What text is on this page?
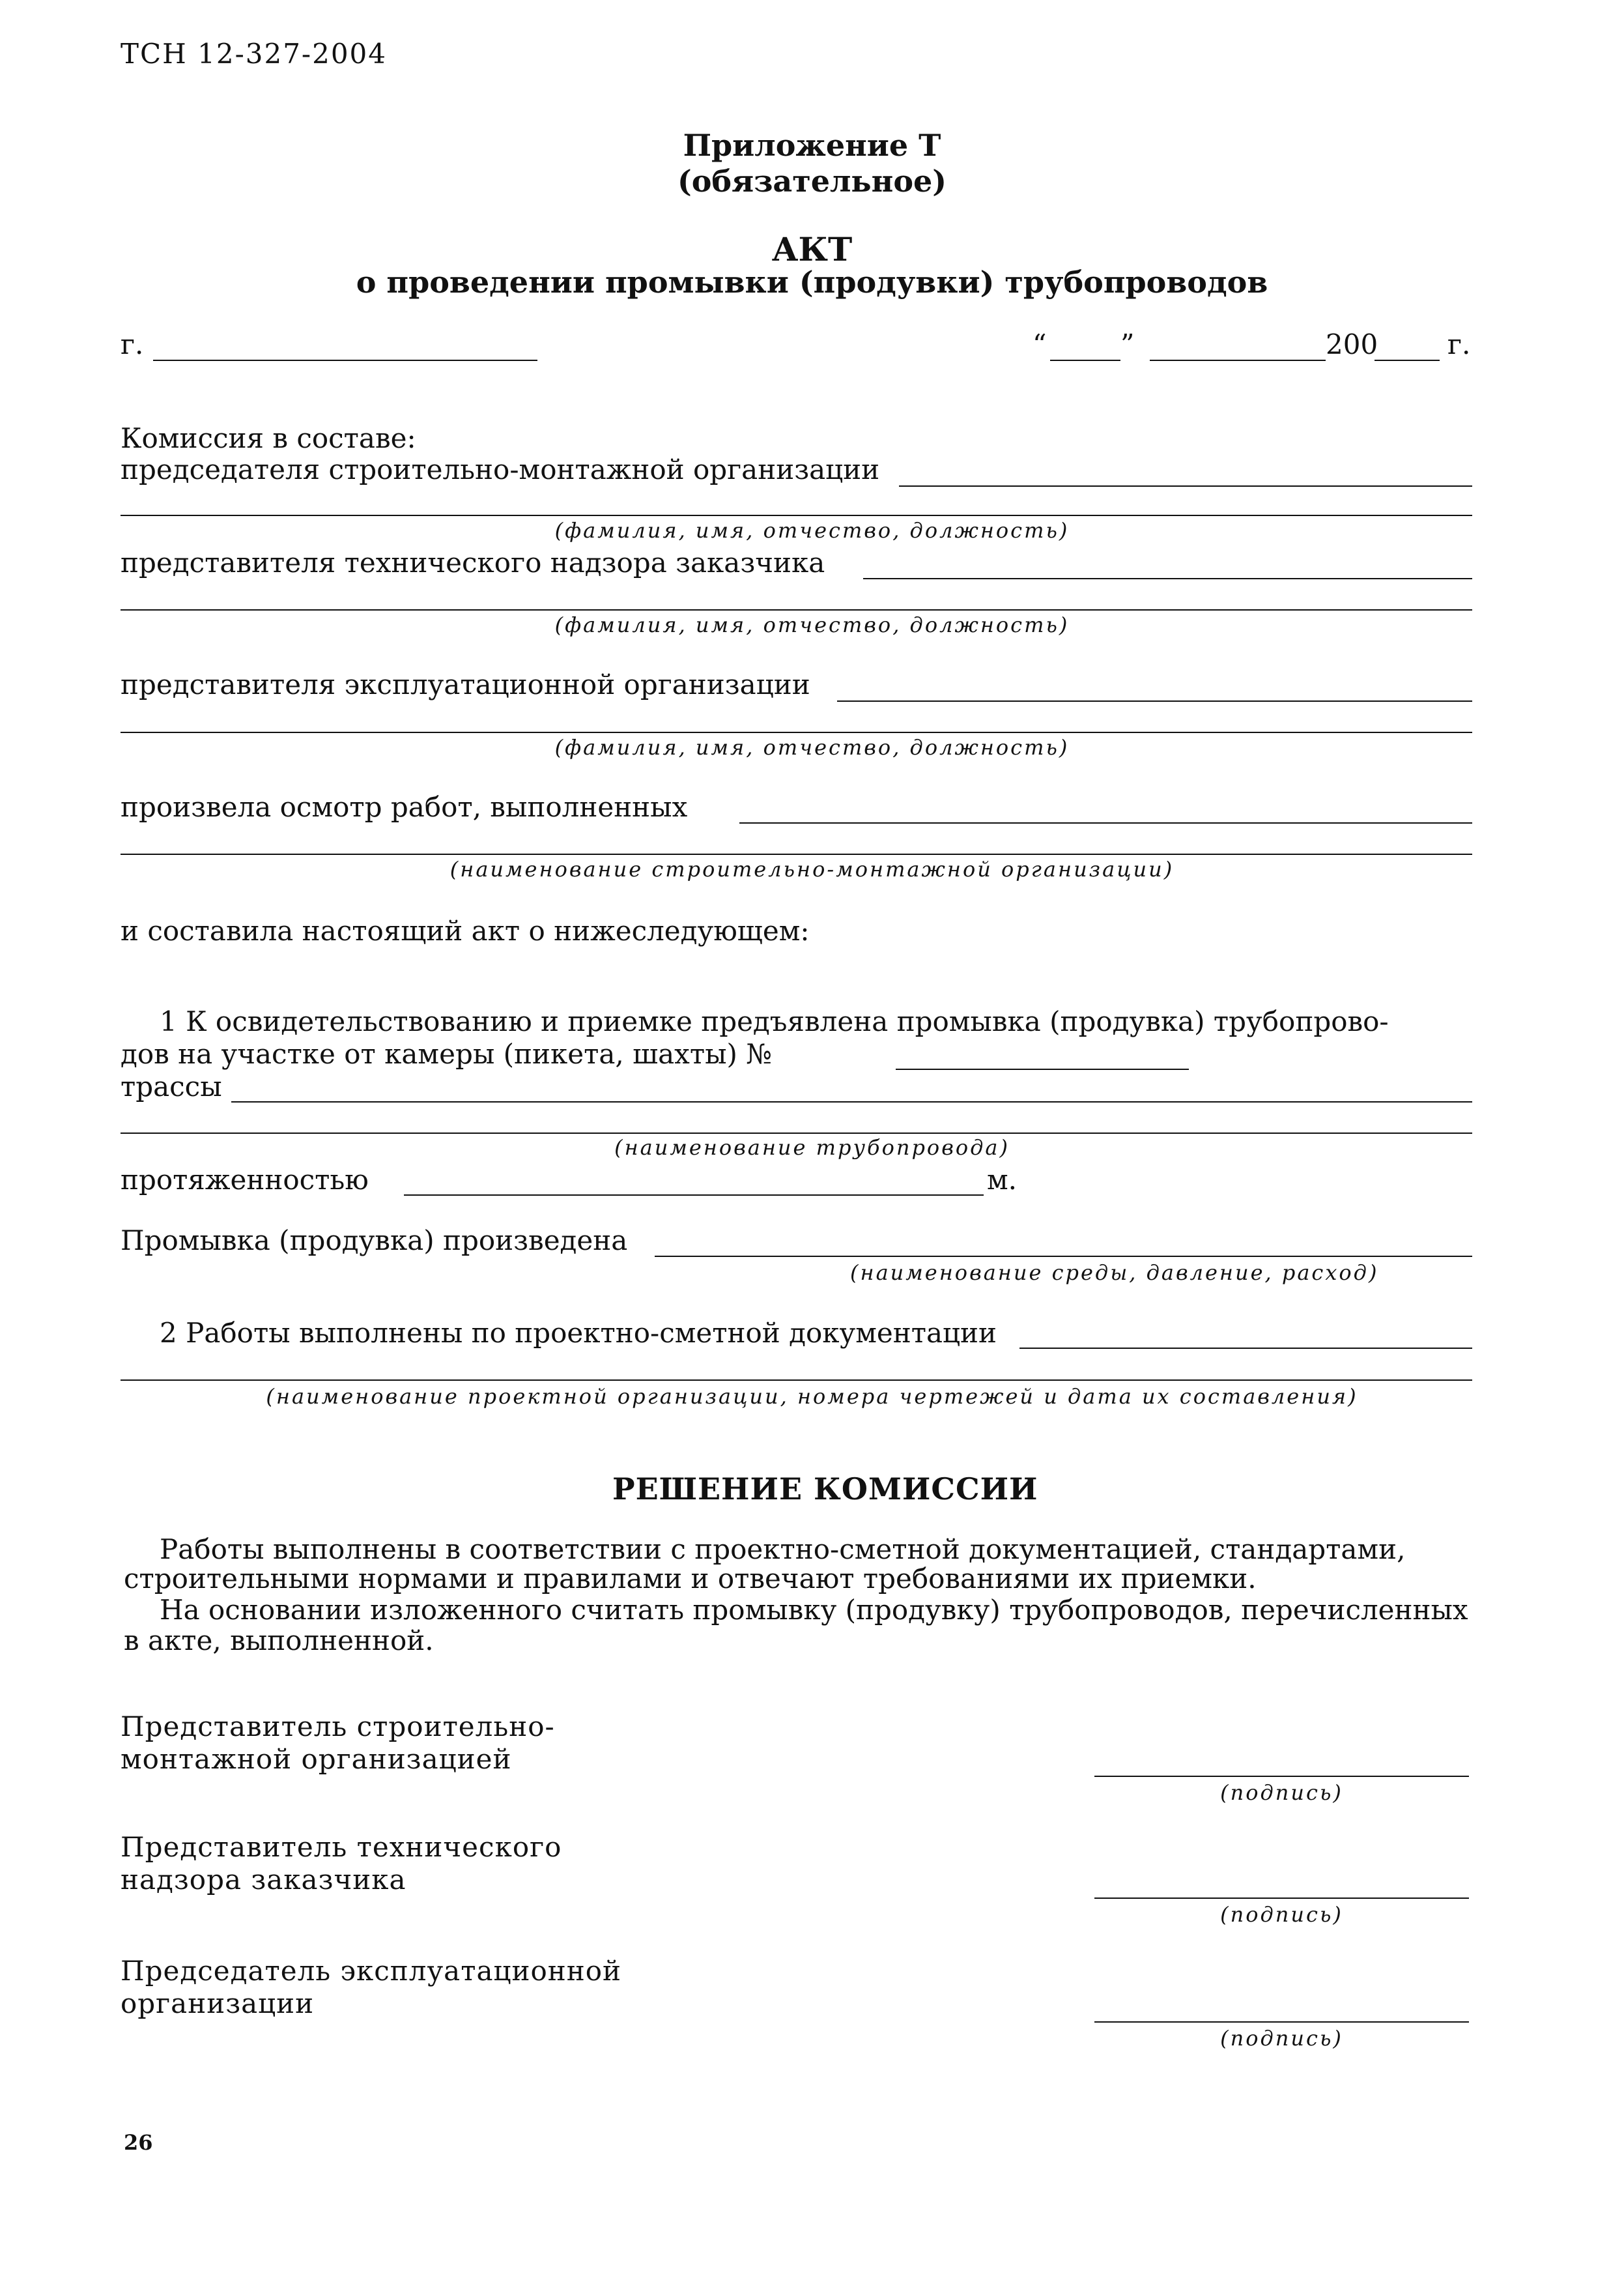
ТСН 12-327-2004
Приложение Т
(обязательное)
АКТ
о проведении промывки (продувки) трубопроводов
г.	“	”	200	г.
Комиссия в составе:
председателя строительно-монтажной организации
(фамилия, имя, отчество, должность)
представителя технического надзора заказчика
(фамилия, имя, отчество, должность)
представителя эксплуатационной организации
(фамилия, имя, отчество, должность)
произвела осмотр работ, выполненных
(наименование строительно-монтажной организации)
и составила настоящий акт о нижеследующем:
1 К освидетельствованию и приемке предъявлена промывка (продувка) трубопрово-
дов на участке от камеры (пикета, шахты) №
трассы
(наименование трубопровода)
протяженностью	м.
Промывка (продувка) произведена
(наименование среды, давление, расход)
2 Работы выполнены по проектно-сметной документации
(наименование проектной организации, номера чертежей и дата их составления)
РЕШЕНИЕ КОМИССИИ
Работы выполнены в соответствии с проектно-сметной документацией, стандартами,
строительными нормами и правилами и отвечают требованиями их приемки.
На основании изложенного считать промывку (продувку) трубопроводов, перечисленных
в акте, выполненной.
Представитель строительно-
монтажной организацией
(подпись)
Представитель технического
надзора заказчика
(подпись)
Председатель эксплуатационной
организации
(подпись)
26
